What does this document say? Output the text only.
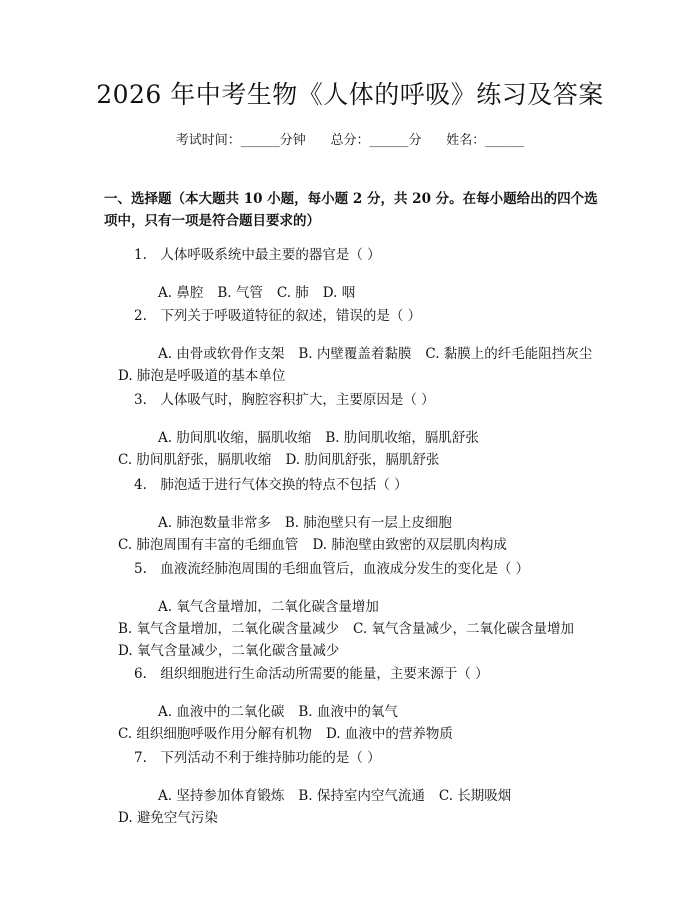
2026 年中考生物《人体的呼吸》练习及答案
考试时间：______分钟      总分：______分      姓名：______
一、选择题（本大题共 10 小题，每小题 2 分，共 20 分。在每小题给出的四个选项中，只有一项是符合题目要求的）
1.　人体呼吸系统中最主要的器官是（ ）
A. 鼻腔 B. 气管 C. 肺 D. 咽
2.　下列关于呼吸道特征的叙述，错误的是（ ）
A. 由骨或软骨作支架 B. 内壁覆盖着黏膜 C. 黏膜上的纤毛能阻挡灰尘D. 肺泡是呼吸道的基本单位
3.　人体吸气时，胸腔容积扩大，主要原因是（ ）
A. 肋间肌收缩，膈肌收缩 B. 肋间肌收缩，膈肌舒张C. 肋间肌舒张，膈肌收缩 D. 肋间肌舒张，膈肌舒张
4.　肺泡适于进行气体交换的特点不包括（ ）
A. 肺泡数量非常多 B. 肺泡壁只有一层上皮细胞C. 肺泡周围有丰富的毛细血管 D. 肺泡壁由致密的双层肌肉构成
5.　血液流经肺泡周围的毛细血管后，血液成分发生的变化是（ ）
A. 氧气含量增加，二氧化碳含量增加B. 氧气含量增加，二氧化碳含量减少 C. 氧气含量减少，二氧化碳含量增加D. 氧气含量减少，二氧化碳含量减少
6.　组织细胞进行生命活动所需要的能量，主要来源于（ ）
A. 血液中的二氧化碳 B. 血液中的氧气C. 组织细胞呼吸作用分解有机物 D. 血液中的营养物质
7.　下列活动不利于维持肺功能的是（ ）
A. 坚持参加体育锻炼 B. 保持室内空气流通 C. 长期吸烟D. 避免空气污染
